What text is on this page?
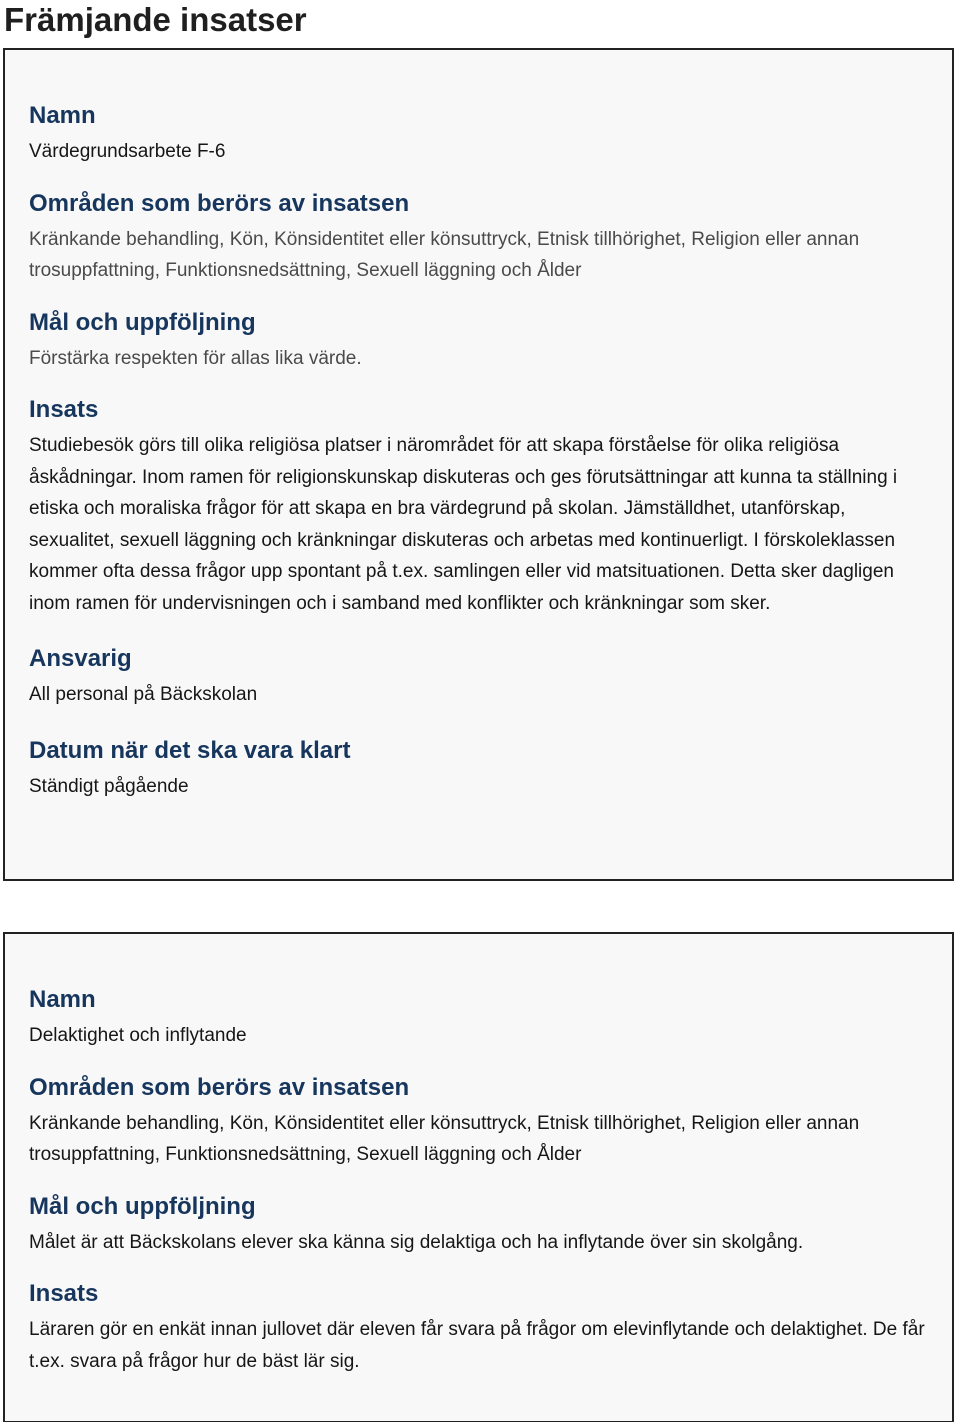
Främjande insatser

Namn

Värdegrundsarbete F-6

Områden som berörs av insatsen

Kränkande behandling, Kön, Könsidentitet eller könsuttryck, Etnisk tillhörighet, Religion eller annan trosuppfattning, Funktionsnedsättning, Sexuell läggning och Ålder

Mål och uppföljning

Förstärka respekten för allas lika värde.

Insats

Studiebesök görs till olika religiösa platser i närområdet för att skapa förståelse för olika religiösa åskådningar. Inom ramen för religionskunskap diskuteras och ges förutsättningar att kunna ta ställning i etiska och moraliska frågor för att skapa en bra värdegrund på skolan. Jämställdhet, utanförskap, sexualitet, sexuell läggning och kränkningar diskuteras och arbetas med kontinuerligt. I förskoleklassen kommer ofta dessa frågor upp spontant på t.ex. samlingen eller vid matsituationen. Detta sker dagligen inom ramen för undervisningen och i samband med konflikter och kränkningar som sker.

Ansvarig

All personal på Bäckskolan

Datum när det ska vara klart

Ständigt pågående

Namn

Delaktighet och inflytande

Områden som berörs av insatsen

Kränkande behandling, Kön, Könsidentitet eller könsuttryck, Etnisk tillhörighet, Religion eller annan trosuppfattning, Funktionsnedsättning, Sexuell läggning och Ålder

Mål och uppföljning

Målet är att Bäckskolans elever ska känna sig delaktiga och ha inflytande över sin skolgång.

Insats

Läraren gör en enkät innan jullovet där eleven får svara på frågor om elevinflytande och delaktighet. De får t.ex. svara på frågor hur de bäst lär sig.
